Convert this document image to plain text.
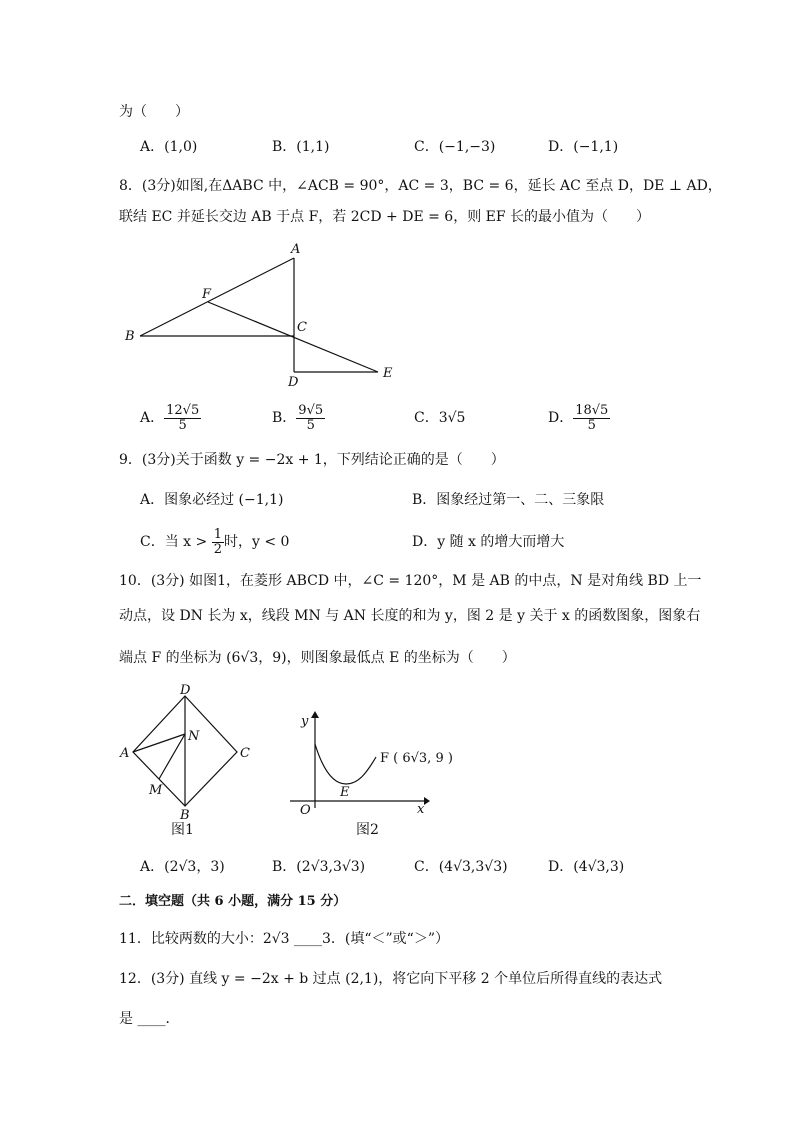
为（　　）
A．(1,0)	B．(1,1)	C．(−1,−3)	D．(−1,1)
8．(3分)如图,在ΔABC 中，∠ACB = 90°，AC = 3，BC = 6，延长 AC 至点 D，DE ⊥ AD，
联结 EC 并延长交边 AB 于点 F，若 2CD + DE = 6，则 EF 长的最小值为（　　）
A
B
C
D
E
F
A． $\frac{12√5}{5}$	B． $\frac{9√5}{5}$	C．3√5	D． $\frac{18√5}{5}$
9．(3分)关于函数 y = −2x + 1，下列结论正确的是（　　）
A．图象必经过 (−1,1)	B．图象经过第一、二、三象限
C．当 $x > \frac{1}{2}$ 时，y < 0	D．y 随 x 的增大而增大
10．(3分) 如图1，在菱形 ABCD 中，∠C = 120°，M 是 AB 的中点，N 是对角线 BD 上一
动点，设 DN 长为 x，线段 MN 与 AN 长度的和为 y，图 2 是 y 关于 x 的函数图象，图象右
端点 F 的坐标为 (6√3，9)，则图象最低点 E 的坐标为（　　）
D
A	C
B
M
N
图1
y
x
O
E
F ( 6√3, 9 )
图2
A．(2√3，3)	B．(2√3,3√3)	C．(4√3,3√3)	D．(4√3,3)
二．填空题（共 6 小题，满分 15 分）
11．比较两数的大小：2√3 ____3．(填“＜”或“＞”）
12．(3分) 直线 y = −2x + b 过点 (2,1)，将它向下平移 2 个单位后所得直线的表达式
是 ____．
